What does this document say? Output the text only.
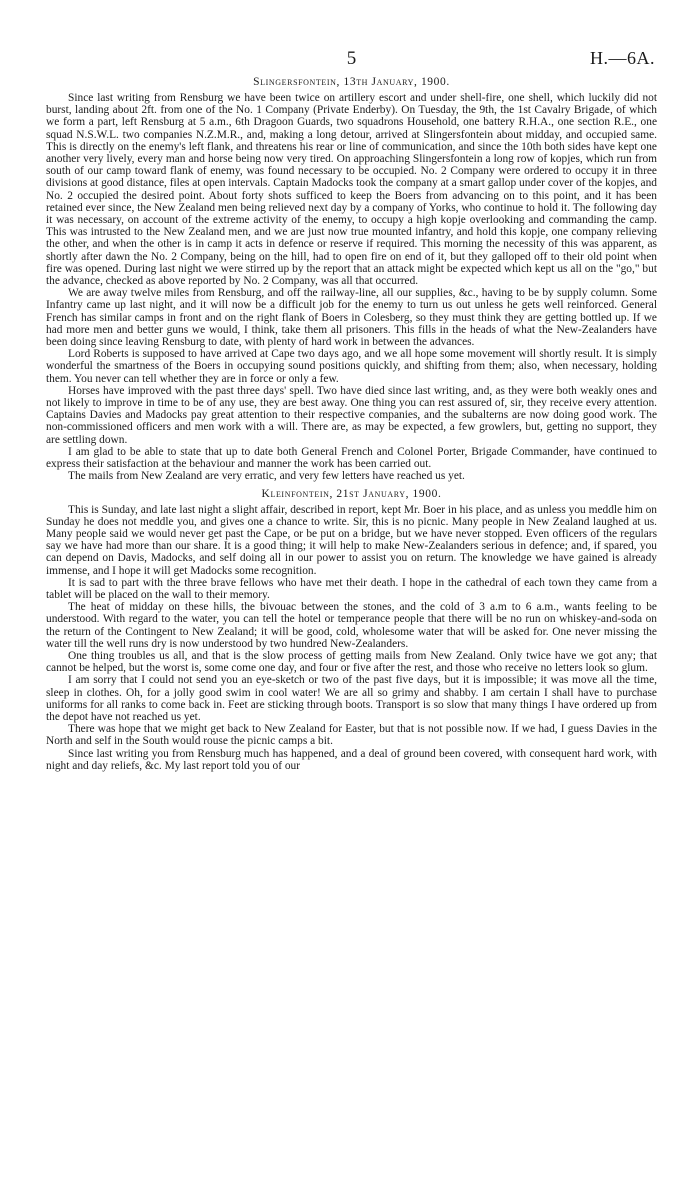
5	H.—6A.
Slingersfontein, 13th January, 1900.

Since last writing from Rensburg we have been twice on artillery escort and under shell-fire, one shell, which luckily did not burst, landing about 2ft. from one of the No. 1 Company (Private Enderby). On Tuesday, the 9th, the 1st Cavalry Brigade, of which we form a part, left Rensburg at 5 a.m., 6th Dragoon Guards, two squadrons Household, one battery R.H.A., one section R.E., one squad N.S.W.L. two companies N.Z.M.R., and, making a long detour, arrived at Slingersfontein about midday, and occupied same. This is directly on the enemy's left flank, and threatens his rear or line of communication, and since the 10th both sides have kept one another very lively, every man and horse being now very tired. On approaching Slingersfontein a long row of kopjes, which run from south of our camp toward flank of enemy, was found necessary to be occupied. No. 2 Company were ordered to occupy it in three divisions at good distance, files at open intervals. Captain Madocks took the company at a smart gallop under cover of the kopjes, and No. 2 occupied the desired point. About forty shots sufficed to keep the Boers from advancing on to this point, and it has been retained ever since, the New Zealand men being relieved next day by a company of Yorks, who continue to hold it. The following day it was necessary, on account of the extreme activity of the enemy, to occupy a high kopje overlooking and commanding the camp. This was intrusted to the New Zealand men, and we are just now true mounted infantry, and hold this kopje, one company relieving the other, and when the other is in camp it acts in defence or reserve if required. This morning the necessity of this was apparent, as shortly after dawn the No. 2 Company, being on the hill, had to open fire on end of it, but they galloped off to their old point when fire was opened. During last night we were stirred up by the report that an attack might be expected which kept us all on the "go," but the advance, checked as above reported by No. 2 Company, was all that occurred.

We are away twelve miles from Rensburg, and off the railway-line, all our supplies, &c., having to be by supply column. Some Infantry came up last night, and it will now be a difficult job for the enemy to turn us out unless he gets well reinforced. General French has similar camps in front and on the right flank of Boers in Colesberg, so they must think they are getting bottled up. If we had more men and better guns we would, I think, take them all prisoners. This fills in the heads of what the New-Zealanders have been doing since leaving Rensburg to date, with plenty of hard work in between the advances.

Lord Roberts is supposed to have arrived at Cape two days ago, and we all hope some movement will shortly result. It is simply wonderful the smartness of the Boers in occupying sound positions quickly, and shifting from them; also, when necessary, holding them. You never can tell whether they are in force or only a few.

Horses have improved with the past three days' spell. Two have died since last writing, and, as they were both weakly ones and not likely to improve in time to be of any use, they are best away. One thing you can rest assured of, sir, they receive every attention. Captains Davies and Madocks pay great attention to their respective companies, and the subalterns are now doing good work. The non-commissioned officers and men work with a will. There are, as may be expected, a few growlers, but, getting no support, they are settling down.

I am glad to be able to state that up to date both General French and Colonel Porter, Brigade Commander, have continued to express their satisfaction at the behaviour and manner the work has been carried out.

The mails from New Zealand are very erratic, and very few letters have reached us yet.

Kleinfontein, 21st January, 1900.

This is Sunday, and late last night a slight affair, described in report, kept Mr. Boer in his place, and as unless you meddle him on Sunday he does not meddle you, and gives one a chance to write. Sir, this is no picnic. Many people in New Zealand laughed at us. Many people said we would never get past the Cape, or be put on a bridge, but we have never stopped. Even officers of the regulars say we have had more than our share. It is a good thing; it will help to make New-Zealanders serious in defence; and, if spared, you can depend on Davis, Madocks, and self doing all in our power to assist you on return. The knowledge we have gained is already immense, and I hope it will get Madocks some recognition.

It is sad to part with the three brave fellows who have met their death. I hope in the cathedral of each town they came from a tablet will be placed on the wall to their memory.

The heat of midday on these hills, the bivouac between the stones, and the cold of 3 a.m to 6 a.m., wants feeling to be understood. With regard to the water, you can tell the hotel or temperance people that there will be no run on whiskey-and-soda on the return of the Contingent to New Zealand; it will be good, cold, wholesome water that will be asked for. One never missing the water till the well runs dry is now understood by two hundred New-Zealanders.

One thing troubles us all, and that is the slow process of getting mails from New Zealand. Only twice have we got any; that cannot be helped, but the worst is, some come one day, and four or five after the rest, and those who receive no letters look so glum.

I am sorry that I could not send you an eye-sketch or two of the past five days, but it is impossible; it was move all the time, sleep in clothes. Oh, for a jolly good swim in cool water! We are all so grimy and shabby. I am certain I shall have to purchase uniforms for all ranks to come back in. Feet are sticking through boots. Transport is so slow that many things I have ordered up from the depot have not reached us yet.

There was hope that we might get back to New Zealand for Easter, but that is not possible now. If we had, I guess Davies in the North and self in the South would rouse the picnic camps a bit.

Since last writing you from Rensburg much has happened, and a deal of ground been covered, with consequent hard work, with night and day reliefs, &c. My last report told you of our
